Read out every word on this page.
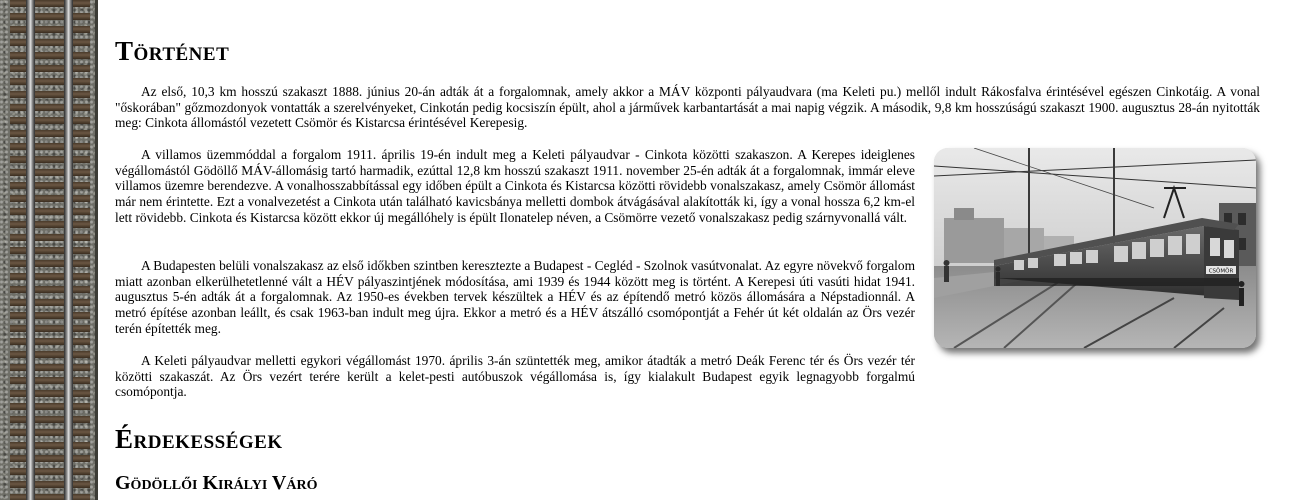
Történet

Az első, 10,3 km hosszú szakaszt 1888. június 20-án adták át a forgalomnak, amely akkor a MÁV központi pályaudvara (ma Keleti pu.) mellől indult Rákosfalva érintésével egészen Cinkotáig. A vonal "őskorában" gőzmozdonyok vontatták a szerelvényeket, Cinkotán pedig kocsiszín épült, ahol a járművek karbantartását a mai napig végzik. A második, 9,8 km hosszúságú szakaszt 1900. augusztus 28-án nyitották meg: Cinkota állomástól vezetett Csömör és Kistarcsa érintésével Kerepesig.

A villamos üzemmóddal a forgalom 1911. április 19-én indult meg a Keleti pályaudvar - Cinkota közötti szakaszon. A Kerepes ideiglenes végállomástól Gödöllő MÁV-állomásig tartó harmadik, ezúttal 12,8 km hosszú szakaszt 1911. november 25-én adták át a forgalomnak, immár eleve villamos üzemre berendezve. A vonalhosszabbítással egy időben épült a Cinkota és Kistarcsa közötti rövidebb vonalszakasz, amely Csömör állomást már nem érintette. Ezt a vonalvezetést a Cinkota után található kavicsbánya melletti dombok átvágásával alakították ki, így a vonal hossza 6,2 km-el lett rövidebb. Cinkota és Kistarcsa között ekkor új megállóhely is épült Ilonatelep néven, a Csömörre vezető vonalszakasz pedig szárnyvonallá vált.

A Budapesten belüli vonalszakasz az első időkben szintben keresztezte a Budapest - Cegléd - Szolnok vasútvonalat. Az egyre növekvő forgalom miatt azonban elkerülhetetlenné vált a HÉV pályaszintjének módosítása, ami 1939 és 1944 között meg is történt. A Kerepesi úti vasúti hidat 1941. augusztus 5-én adták át a forgalomnak. Az 1950-es években tervek készültek a HÉV és az építendő metró közös állomására a Népstadionnál. A metró építése azonban leállt, és csak 1963-ban indult meg újra. Ekkor a metró és a HÉV átszálló csomópontját a Fehér út két oldalán az Örs vezér terén építették meg.

A Keleti pályaudvar melletti egykori végállomást 1970. április 3-án szüntették meg, amikor átadták a metró Deák Ferenc tér és Örs vezér tér közötti szakaszát. Az Örs vezért terére került a kelet-pesti autóbuszok végállomása is, így kialakult Budapest egyik legnagyobb forgalmú csomópontja.

Érdekességek
Gödöllői Királyi Váró
CSÖMÖR
